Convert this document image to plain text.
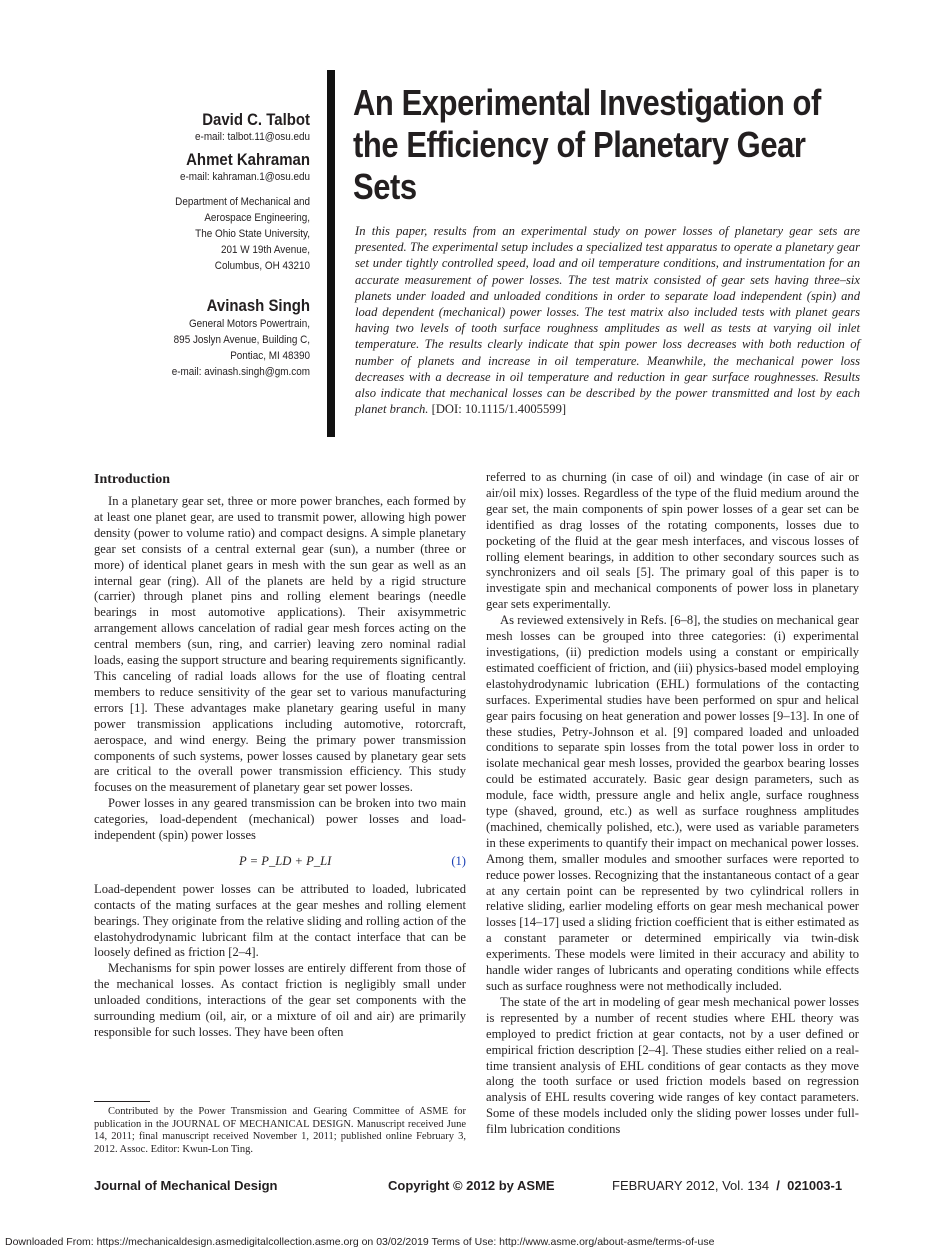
David C. Talbot
e-mail: talbot.11@osu.edu
Ahmet Kahraman
e-mail: kahraman.1@osu.edu
Department of Mechanical and
Aerospace Engineering,
The Ohio State University,
201 W 19th Avenue,
Columbus, OH 43210
Avinash Singh
General Motors Powertrain,
895 Joslyn Avenue, Building C,
Pontiac, MI 48390
e-mail: avinash.singh@gm.com
An Experimental Investigation of
the Efficiency of Planetary Gear
Sets
In this paper, results from an experimental study on power losses of planetary gear sets are presented. The experimental setup includes a specialized test apparatus to operate a planetary gear set under tightly controlled speed, load and oil temperature conditions, and instrumentation for an accurate measurement of power losses. The test matrix consisted of gear sets having three–six planets under loaded and unloaded conditions in order to separate load independent (spin) and load dependent (mechanical) power losses. The test matrix also included tests with planet gears having two levels of tooth surface roughness amplitudes as well as tests at varying oil inlet temperature. The results clearly indicate that spin power loss decreases with both reduction of number of planets and increase in oil temperature. Meanwhile, the mechanical power loss decreases with a decrease in oil temperature and reduction in gear surface roughnesses. Results also indicate that mechanical losses can be described by the power transmitted and lost by each planet branch. [DOI: 10.1115/1.4005599]
Introduction

In a planetary gear set, three or more power branches, each formed by at least one planet gear, are used to transmit power, allowing high power density (power to volume ratio) and compact designs. A simple planetary gear set consists of a central external gear (sun), a number (three or more) of identical planet gears in mesh with the sun gear as well as an internal gear (ring). All of the planets are held by a rigid structure (carrier) through planet pins and rolling element bearings (needle bearings in most automotive applications). Their axisymmetric arrangement allows cancelation of radial gear mesh forces acting on the central members (sun, ring, and carrier) leaving zero nominal radial loads, easing the support structure and bearing requirements significantly. This canceling of radial loads allows for the use of floating central members to reduce sensitivity of the gear set to various manufacturing errors [1]. These advantages make planetary gearing useful in many power transmission applications including automotive, rotorcraft, aerospace, and wind energy. Being the primary power transmission components of such systems, power losses caused by planetary gear sets are critical to the overall power transmission efficiency. This study focuses on the measurement of planetary gear set power losses.

Power losses in any geared transmission can be broken into two main categories, load-dependent (mechanical) power losses and load-independent (spin) power losses

P = P_LD + P_LI	(1)

Load-dependent power losses can be attributed to loaded, lubricated contacts of the mating surfaces at the gear meshes and rolling element bearings. They originate from the relative sliding and rolling action of the elastohydrodynamic lubricant film at the contact interface that can be loosely defined as friction [2–4].

Mechanisms for spin power losses are entirely different from those of the mechanical losses. As contact friction is negligibly small under unloaded conditions, interactions of the gear set components with the surrounding medium (oil, air, or a mixture of oil and air) are primarily responsible for such losses. They have been often

referred to as churning (in case of oil) and windage (in case of air or air/oil mix) losses. Regardless of the type of the fluid medium around the gear set, the main components of spin power losses of a gear set can be identified as drag losses of the rotating components, losses due to pocketing of the fluid at the gear mesh interfaces, and viscous losses of rolling element bearings, in addition to other secondary sources such as synchronizers and oil seals [5]. The primary goal of this paper is to investigate spin and mechanical components of power loss in planetary gear sets experimentally.

As reviewed extensively in Refs. [6–8], the studies on mechanical gear mesh losses can be grouped into three categories: (i) experimental investigations, (ii) prediction models using a constant or empirically estimated coefficient of friction, and (iii) physics-based model employing elastohydrodynamic lubrication (EHL) formulations of the contacting surfaces. Experimental studies have been performed on spur and helical gear pairs focusing on heat generation and power losses [9–13]. In one of these studies, Petry-Johnson et al. [9] compared loaded and unloaded conditions to separate spin losses from the total power loss in order to isolate mechanical gear mesh losses, provided the gearbox bearing losses could be estimated accurately. Basic gear design parameters, such as module, face width, pressure angle and helix angle, surface roughness type (shaved, ground, etc.) as well as surface roughness amplitudes (machined, chemically polished, etc.), were used as variable parameters in these experiments to quantify their impact on mechanical power losses. Among them, smaller modules and smoother surfaces were reported to reduce power losses. Recognizing that the instantaneous contact of a gear at any certain point can be represented by two cylindrical rollers in relative sliding, earlier modeling efforts on gear mesh mechanical power losses [14–17] used a sliding friction coefficient that is either estimated as a constant parameter or determined empirically via twin-disk experiments. These models were limited in their accuracy and ability to handle wider ranges of lubricants and operating conditions while effects such as surface roughness were not methodically included.

The state of the art in modeling of gear mesh mechanical power losses is represented by a number of recent studies where EHL theory was employed to predict friction at gear contacts, not by a user defined or empirical friction description [2–4]. These studies either relied on a real-time transient analysis of EHL conditions of gear contacts as they move along the tooth surface or used friction models based on regression analysis of EHL results covering wide ranges of key contact parameters. Some of these models included only the sliding power losses under full-film lubrication conditions

Contributed by the Power Transmission and Gearing Committee of ASME for publication in the JOURNAL OF MECHANICAL DESIGN. Manuscript received June 14, 2011; final manuscript received November 1, 2011; published online February 3, 2012. Assoc. Editor: Kwun-Lon Ting.
Journal of Mechanical Design	Copyright © 2012 by ASME	FEBRUARY 2012, Vol. 134 / 021003-1
Downloaded From: https://mechanicaldesign.asmedigitalcollection.asme.org on 03/02/2019 Terms of Use: http://www.asme.org/about-asme/terms-of-use
